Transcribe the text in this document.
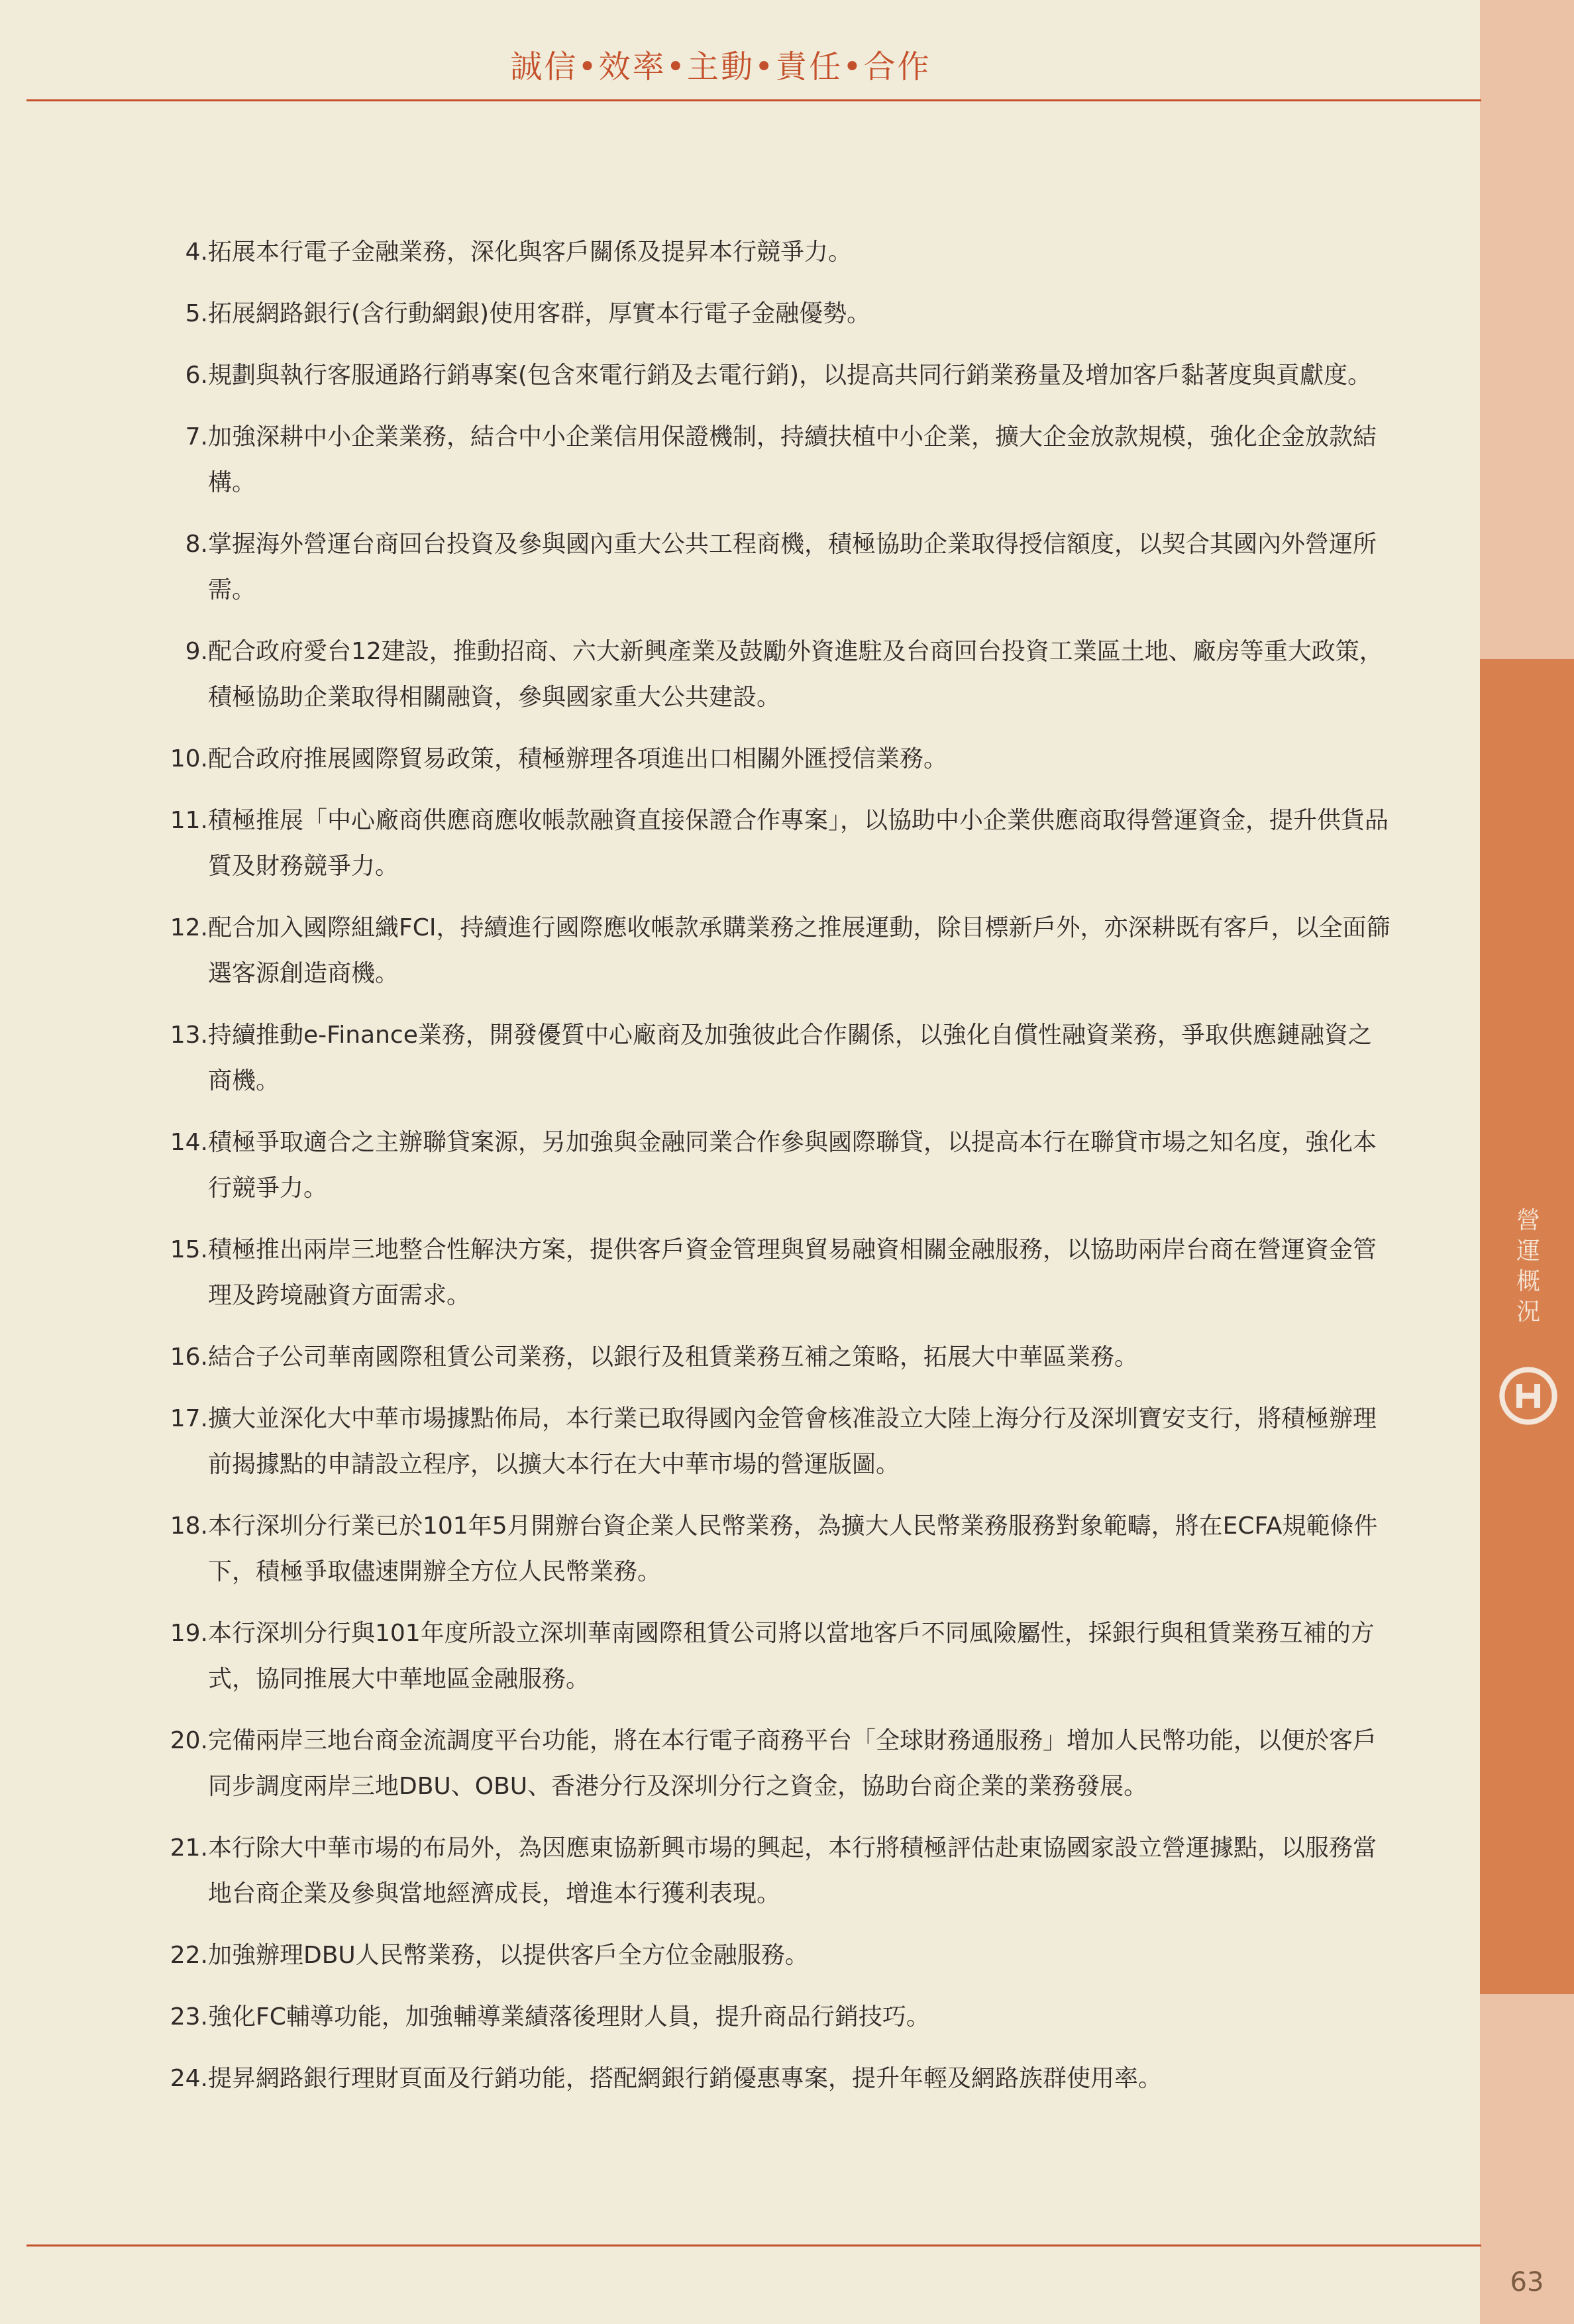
誠信•效率•主動•責任•合作
4. 拓展本行電子金融業務，深化與客戶關係及提昇本行競爭力。
5. 拓展網路銀行(含行動網銀)使用客群，厚實本行電子金融優勢。
6. 規劃與執行客服通路行銷專案(包含來電行銷及去電行銷)，以提高共同行銷業務量及增加客戶黏著度與貢獻度。
7. 加強深耕中小企業業務，結合中小企業信用保證機制，持續扶植中小企業，擴大企金放款規模，強化企金放款結構。
8. 掌握海外營運台商回台投資及參與國內重大公共工程商機，積極協助企業取得授信額度，以契合其國內外營運所需。
9. 配合政府愛台12建設，推動招商、六大新興產業及鼓勵外資進駐及台商回台投資工業區土地、廠房等重大政策，積極協助企業取得相關融資，參與國家重大公共建設。
10. 配合政府推展國際貿易政策，積極辦理各項進出口相關外匯授信業務。
11. 積極推展「中心廠商供應商應收帳款融資直接保證合作專案」，以協助中小企業供應商取得營運資金，提升供貨品質及財務競爭力。
12. 配合加入國際組織FCI，持續進行國際應收帳款承購業務之推展運動，除目標新戶外，亦深耕既有客戶，以全面篩選客源創造商機。
13. 持續推動e-Finance業務，開發優質中心廠商及加強彼此合作關係，以強化自償性融資業務，爭取供應鏈融資之商機。
14. 積極爭取適合之主辦聯貸案源，另加強與金融同業合作參與國際聯貸，以提高本行在聯貸市場之知名度，強化本行競爭力。
15. 積極推出兩岸三地整合性解決方案，提供客戶資金管理與貿易融資相關金融服務，以協助兩岸台商在營運資金管理及跨境融資方面需求。
16. 結合子公司華南國際租賃公司業務，以銀行及租賃業務互補之策略，拓展大中華區業務。
17. 擴大並深化大中華市場據點佈局，本行業已取得國內金管會核准設立大陸上海分行及深圳寶安支行，將積極辦理前揭據點的申請設立程序，以擴大本行在大中華市場的營運版圖。
18. 本行深圳分行業已於101年5月開辦台資企業人民幣業務，為擴大人民幣業務服務對象範疇，將在ECFA規範條件下，積極爭取儘速開辦全方位人民幣業務。
19. 本行深圳分行與101年度所設立深圳華南國際租賃公司將以當地客戶不同風險屬性，採銀行與租賃業務互補的方式，協同推展大中華地區金融服務。
20. 完備兩岸三地台商金流調度平台功能，將在本行電子商務平台「全球財務通服務」增加人民幣功能，以便於客戶同步調度兩岸三地DBU、OBU、香港分行及深圳分行之資金，協助台商企業的業務發展。
21. 本行除大中華市場的布局外，為因應東協新興市場的興起，本行將積極評估赴東協國家設立營運據點，以服務當地台商企業及參與當地經濟成長，增進本行獲利表現。
22. 加強辦理DBU人民幣業務，以提供客戶全方位金融服務。
23. 強化FC輔導功能，加強輔導業績落後理財人員，提升商品行銷技巧。
24. 提昇網路銀行理財頁面及行銷功能，搭配網銀行銷優惠專案，提升年輕及網路族群使用率。
營運概況
63
